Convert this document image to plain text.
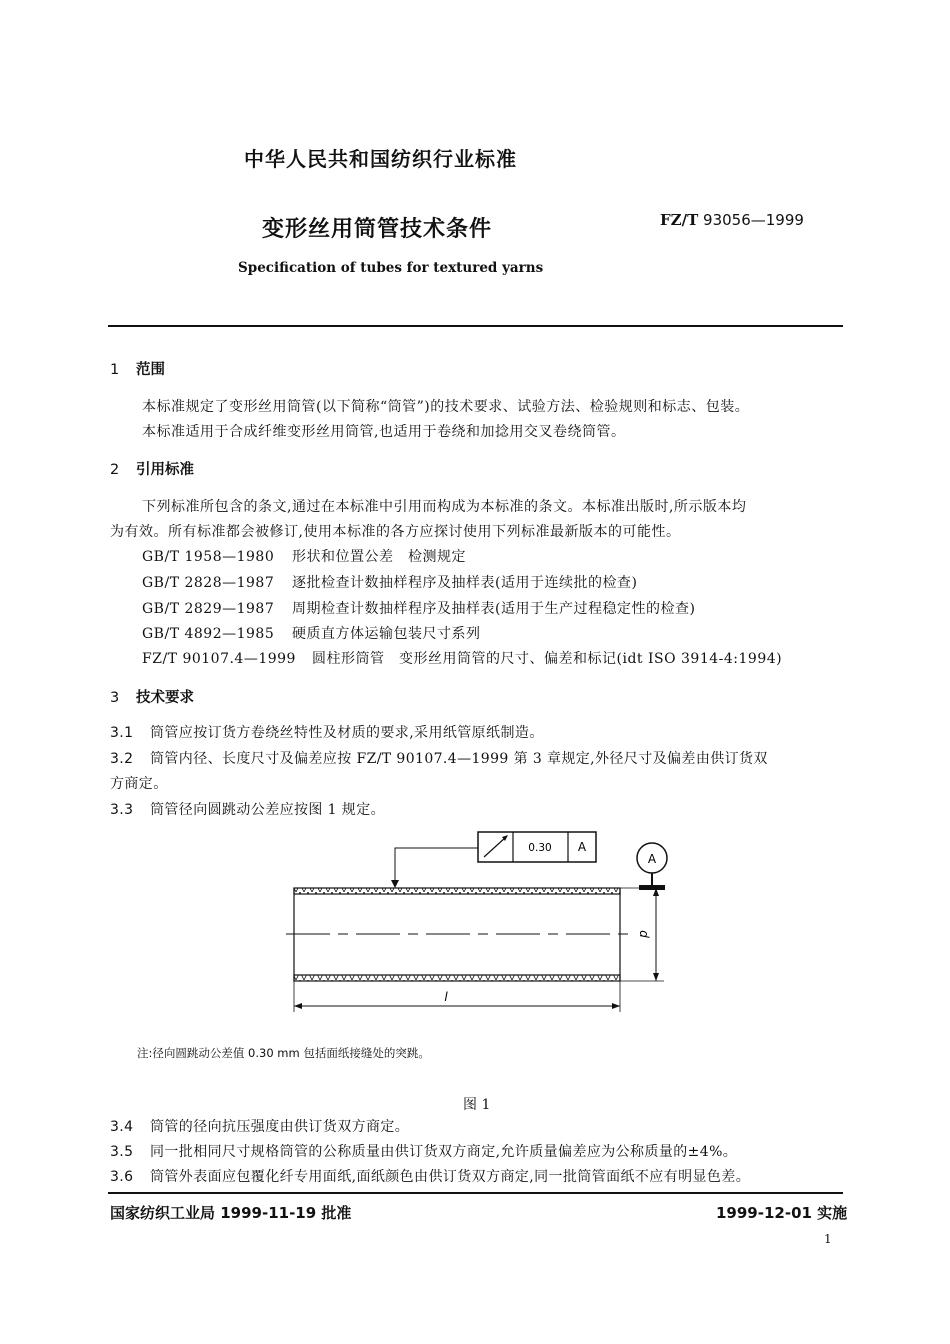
中华人民共和国纺织行业标准
变形丝用筒管技术条件	FZ/T 93056—1999
Specification of tubes for textured yarns
1 范围
本标准规定了变形丝用筒管(以下简称“筒管”)的技术要求、试验方法、检验规则和标志、包装。
本标准适用于合成纤维变形丝用筒管,也适用于卷绕和加捻用交叉卷绕筒管。
2 引用标准
下列标准所包含的条文,通过在本标准中引用而构成为本标准的条文。本标准出版时,所示版本均
为有效。所有标准都会被修订,使用本标准的各方应探讨使用下列标准最新版本的可能性。
GB/T 1958—1980 形状和位置公差　检测规定
GB/T 2828—1987 逐批检查计数抽样程序及抽样表(适用于连续批的检查)
GB/T 2829—1987 周期检查计数抽样程序及抽样表(适用于生产过程稳定性的检查)
GB/T 4892—1985 硬质直方体运输包装尺寸系列
FZ/T 90107.4—1999 圆柱形筒管　变形丝用筒管的尺寸、偏差和标记(idt ISO 3914-4:1994)
3 技术要求
3.1 筒管应按订货方卷绕丝特性及材质的要求,采用纸管原纸制造。
3.2 筒管内径、长度尺寸及偏差应按 FZ/T 90107.4—1999 第 3 章规定,外径尺寸及偏差由供订货双
方商定。
3.3 筒管径向圆跳动公差应按图 1 规定。
0.30 A
A
d
l
注:径向圆跳动公差值 0.30 mm 包括面纸接缝处的突跳。
图 1
3.4 筒管的径向抗压强度由供订货双方商定。
3.5 同一批相同尺寸规格筒管的公称质量由供订货双方商定,允许质量偏差应为公称质量的±4%。
3.6 筒管外表面应包覆化纤专用面纸,面纸颜色由供订货双方商定,同一批筒管面纸不应有明显色差。
国家纺织工业局 1999-11-19 批准	1999-12-01 实施
1
